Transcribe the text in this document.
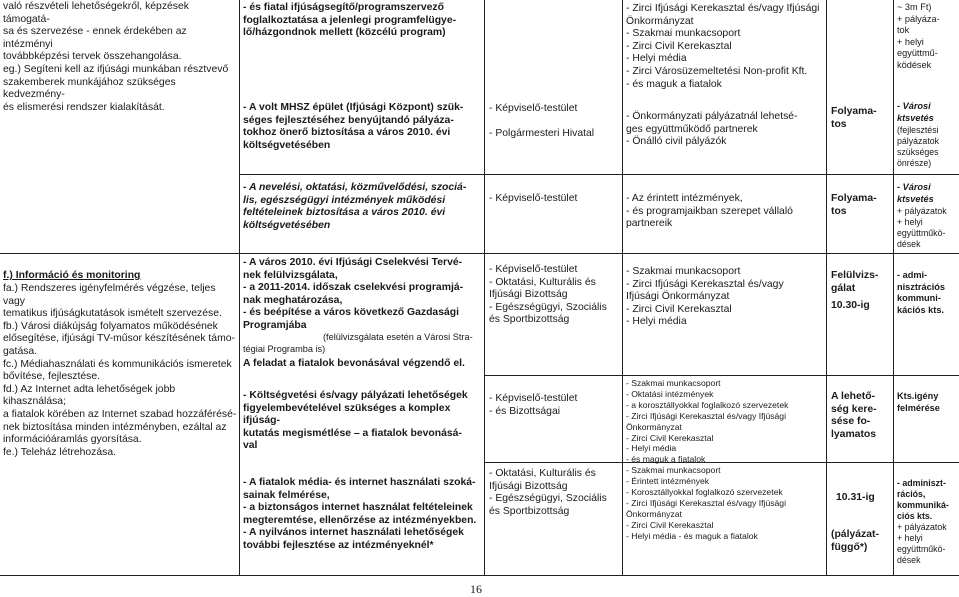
való részvételi lehetőségekről, képzések támogatá-
sa és szervezése - ennek érdekében az intézményi
továbbképzési tervek összehangolása.
eg.) Segíteni kell az ifjúsági munkában résztvevő
szakemberek munkájához szükséges kedvezmény-
és elismerési rendszer kialakítását.
f.) Információ és monitoring
fa.) Rendszeres igényfelmérés végzése, teljes vagy
tematikus ifjúságkutatások ismételt szervezése.
fb.) Városi diákújság folyamatos működésének
elősegítése, ifjúsági TV-műsor készítésének támo-
gatása.
fc.) Médiahasználati és kommunikációs ismeretek
bővítése, fejlesztése.
fd.) Az Internet adta lehetőségek jobb kihasználása;
a fiatalok körében az Internet szabad hozzáférésé-
nek biztosítása minden intézményben, ezáltal az
információáramlás gyorsítása.
fe.) Teleház létrehozása.
- és fiatal ifjúságsegítő/programszervező
foglalkoztatása a jelenlegi programfelügye-
lő/házgondnok mellett (közcélú program)
- A volt MHSZ épület (Ifjúsági Központ) szük-
séges fejlesztéséhez benyújtandó pályáza-
tokhoz önerő biztosítása a város 2010. évi
költségvetésében
- A nevelési, oktatási, közművelődési, szociá-
lis, egészségügyi intézmények működési
feltételeinek biztosítása a város 2010. évi
költségvetésében
- A város 2010. évi Ifjúsági Cselekvési Tervé-
nek felülvizsgálata,
- a 2011-2014. időszak cselekvési programjá-
nak meghatározása,
- és beépítése a város következő Gazdasági
Programjába
(felülvizsgálata esetén a Városi Stra-
tégiai Programba is)
A feladat a fiatalok bevonásával végzendő el.
- Költségvetési és/vagy pályázati lehetőségek
figyelembevételével szükséges a komplex ifjúság-
kutatás megismétlése – a fiatalok bevonásá-
val
- A fiatalok média- és internet használati szoká-
sainak felmérése,
- a biztonságos internet használat feltételeinek
megteremtése, ellenőrzése az intézményekben.
- A nyilvános internet használati lehetőségek
további fejlesztése az intézményeknél*
- Képviselő-testület

- Polgármesteri Hivatal
- Képviselő-testület
- Képviselő-testület
- Oktatási, Kulturális és
Ifjúsági Bizottság
- Egészségügyi, Szociális
és Sportbizottság
- Képviselő-testület
- és Bizottságai
- Oktatási, Kulturális és
Ifjúsági Bizottság
- Egészségügyi, Szociális
és Sportbizottság
- Zirci Ifjúsági Kerekasztal és/vagy Ifjúsági
Önkormányzat
- Szakmai munkacsoport
- Zirci Civil Kerekasztal
- Helyi média
- Zirci Városüzemeltetési Non-profit Kft.
- és maguk a fiatalok
- Önkormányzati pályázatnál lehetsé-
ges együttműködő partnerek
- Önálló civil pályázók
- Az érintett intézmények,
- és programjaikban szerepet vállaló
partnereik
- Szakmai munkacsoport
- Zirci Ifjúsági Kerekasztal és/vagy
Ifjúsági Önkormányzat
- Zirci Civil Kerekasztal
- Helyi média
- Szakmai munkacsoport
- Oktatási intézmények
- a korosztállyokkal foglalkozó szervezetek
- Zirci Ifjúsági Kerekasztal és/vagy Ifjúsági
Önkormányzat
- Zirci Civil Kerekasztal
- Helyi média
- és maguk a fiatalok
- Szakmai munkacsoport
- Érintett intézmények
- Korosztállyokkal foglalkozó szervezetek
- Zirci Ifjúsági Kerekasztal és/vagy Ifjúsági
Önkormányzat
- Zirci Civil Kerekasztal
- Helyi média - és maguk a fiatalok
Folyama-
tos
Folyama-
tos
Felülvizs-
gálat
10.30-ig
A lehető-
ség kere-
sése fo-
lyamatos
10.31-ig
(pályázat-
függő*)
~ 3m Ft)
+ pályáza-
tok
+ helyi
együttmű-
ködések
- Városi
ktsvetés
(fejlesztési
pályázatok
szükséges
önrésze)
- Városi
ktsvetés
+ pályázatok
+ helyi
együttműkö-
dések
- admi-
nisztrációs
kommuni-
kációs kts.
Kts.igény
felmérése
- adminiszt-
rációs,
kommuniká-
ciós kts.
+ pályázatok
+ helyi
együttműkö-
dések
16
